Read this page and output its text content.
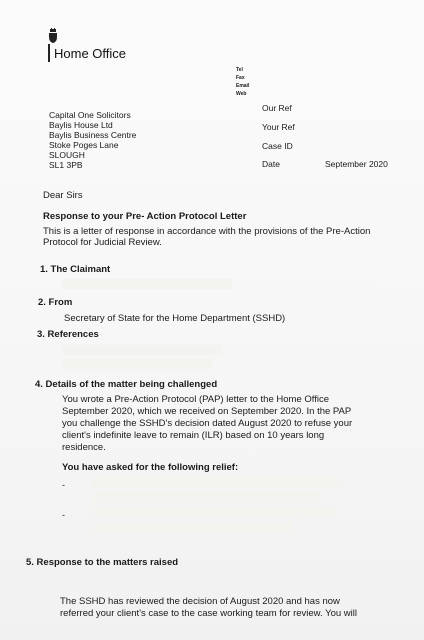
Home Office
Tel
Fax
Email
Web
Our Ref
Your Ref
Case ID
Date	September 2020
Capital One Solicitors
Baylis House Ltd
Baylis Business Centre
Stoke Poges Lane
SLOUGH
SL1 3PB
Dear Sirs
Response to your Pre- Action Protocol Letter
This is a letter of response in accordance with the provisions of the Pre-Action
Protocol for Judicial Review.
1. The Claimant
2. From
Secretary of State for the Home Department (SSHD)
3. References
4. Details of the matter being challenged
You wrote a Pre-Action Protocol (PAP) letter to the Home Office
September 2020, which we received on September 2020. In the PAP
you challenge the SSHD's decision dated August 2020 to refuse your
client's indefinite leave to remain (ILR) based on 10 years long
residence.
You have asked for the following relief:
-
-
5. Response to the matters raised
The SSHD has reviewed the decision of August 2020 and has now
referred your client's case to the case working team for review. You will
